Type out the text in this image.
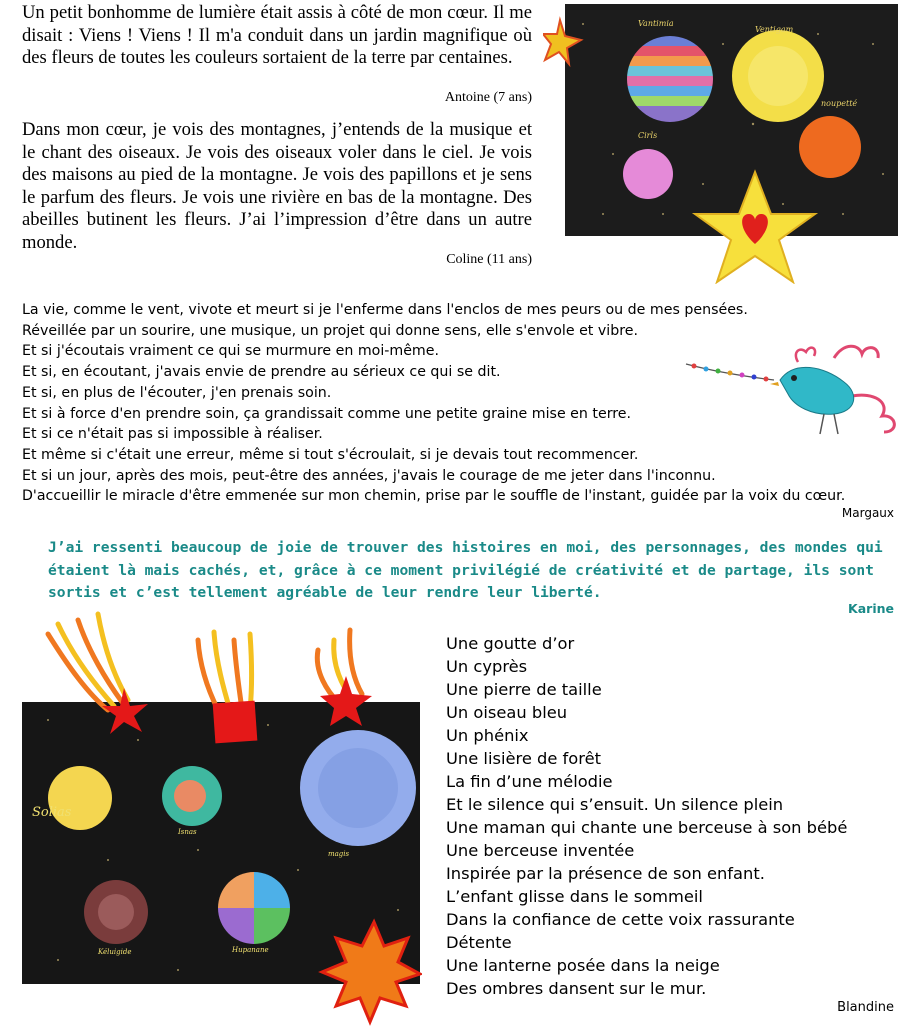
Un petit bonhomme de lumière était assis à côté de mon cœur. Il me disait : Viens ! Viens ! Il m'a conduit dans un jardin magnifique où des fleurs de toutes les couleurs sortaient de la terre par centaines.

Antoine (7 ans)

Dans mon cœur, je vois des montagnes, j’entends de la musique et le chant des oiseaux. Je vois des oiseaux voler dans le ciel. Je vois des maisons au pied de la montagne. Je vois des papillons et je sens le parfum des fleurs. Je vois une rivière en bas de la montagne. Des abeilles butinent les fleurs. J’ai l’impression d’être dans un autre monde.

Coline (11 ans)
Vantimia
Ventigam
noupetté
Cirls
La vie, comme le vent, vivote et meurt si je l'enferme dans l'enclos de mes peurs ou de mes pensées.
Réveillée par un sourire, une musique, un projet qui donne sens, elle s'envole et vibre.
Et si j'écoutais vraiment ce qui se murmure en moi-même.
Et si, en écoutant, j'avais envie de prendre au sérieux ce qui se dit.
Et si, en plus de l'écouter, j'en prenais soin.
Et si à force d'en prendre soin, ça grandissait comme une petite graine mise en terre.
Et si ce n'était pas si impossible à réaliser.
Et même si c'était une erreur, même si tout s'écroulait, si je devais tout recommencer.
Et si un jour, après des mois, peut-être des années, j'avais le courage de me jeter dans l'inconnu.
D'accueillir le miracle d'être emmenée sur mon chemin, prise par le souffle de l'instant, guidée par la voix du cœur.
Margaux

J’ai ressenti beaucoup de joie de trouver des histoires en moi, des personnages, des mondes qui étaient là mais cachés, et, grâce à ce moment privilégié de créativité et de partage, ils sont sortis et c’est tellement agréable de leur rendre leur liberté.

Karine
Solias
Isnas
magis
Kéluigide	Hupanane
Une goutte d’or
Un cyprès
Une pierre de taille
Un oiseau bleu
Un phénix
Une lisière de forêt
La fin d’une mélodie
Et le silence qui s’ensuit. Un silence plein
Une maman qui chante une berceuse à son bébé
Une berceuse inventée
Inspirée par la présence de son enfant.
L’enfant glisse dans le sommeil
Dans la confiance de cette voix rassurante
Détente
Une lanterne posée dans la neige
Des ombres dansent sur le mur.
Blandine
